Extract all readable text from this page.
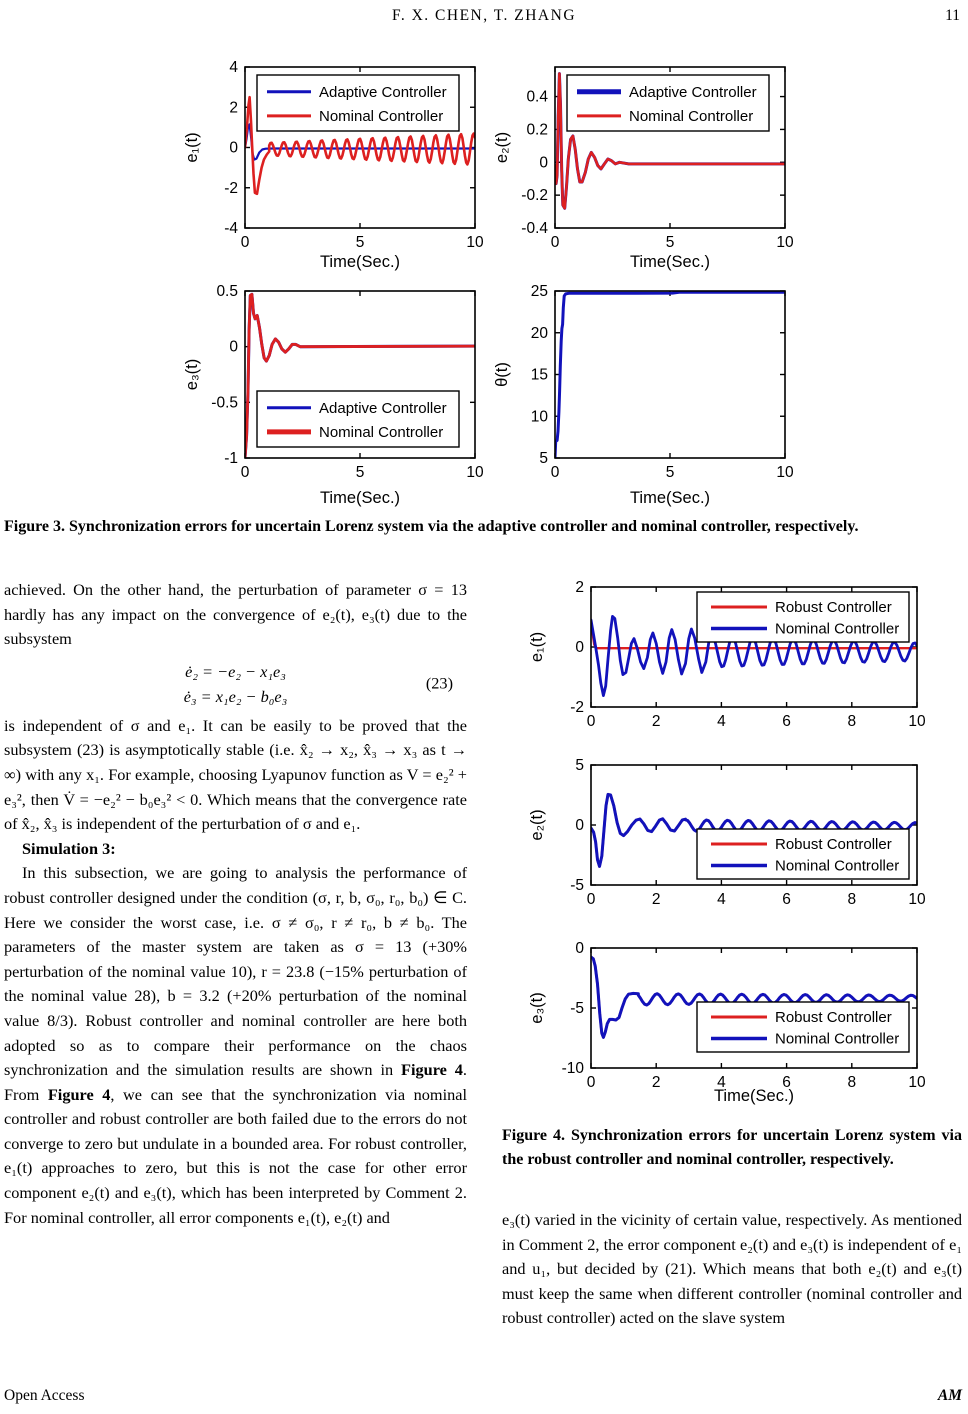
F. X. CHEN, T. ZHANG	11
0	5	10
4
2
0
-2
-4
Time(Sec.)
e₁(t)
Adaptive Controller
Nominal Controller
0	5	10
0.4
0.2
0
-0.2
-0.4
Time(Sec.)
e₂(t)
Adaptive Controller
Nominal Controller
0	5	10
0.5
0
-0.5
-1
Time(Sec.)
e₃(t)
Adaptive Controller
Nominal Controller
0	5	10
25
20
15
10
5
Time(Sec.)
θ(t)
Figure 3. Synchronization errors for uncertain Lorenz system via the adaptive controller and nominal controller, respectively.
achieved. On the other hand, the perturbation of parameter σ = 13 hardly has any impact on the convergence of e₂(t), e₃(t) due to the subsystem
ė₂ = −e₂ − x₁e₃
ė₃ = x₁e₂ − b₀e₃
(23)
is independent of σ and e₁. It can be easily to be proved that the subsystem (23) is asymptotically stable (i.e. x̂₂ → x₂, x̂₃ → x₃ as t → ∞) with any x₁. For example, choosing Lyapunov function as V = e₂² + e₃², then V̇ = −e₂² − b₀e₃² < 0. Which means that the convergence rate of x̂₂, x̂₃ is independent of the perturbation of σ and e₁.
Simulation 3:
In this subsection, we are going to analysis the performance of robust controller designed under the condition (σ, r, b, σ₀, r₀, b₀) ∈ C. Here we consider the worst case, i.e. σ ≠ σ₀, r ≠ r₀, b ≠ b₀. The parameters of the master system are taken as σ = 13 (+30% perturbation of the nominal value 10), r = 23.8 (−15% perturbation of the nominal value 28), b = 3.2 (+20% perturbation of the nominal value 8/3). Robust controller and nominal controller are here both adopted so as to compare their performance on the chaos synchronization and the simulation results are shown in Figure 4. From Figure 4, we can see that the synchronization via nominal controller and robust controller are both failed due to the errors do not converge to zero but undulate in a bounded area. For robust controller, e₁(t) approaches to zero, but this is not the case for other error component e₂(t) and e₃(t), which has been interpreted by Comment 2. For nominal controller, all error components e₁(t), e₂(t) and
0	2	4	6	8	10
2
0
-2
e₁(t)
Robust Controller
Nominal Controller
0	2	4	6	8	10
5
0
-5
e₂(t)
Robust Controller
Nominal Controller
0	2	4	6	8	10
0
-5
-10
Time(Sec.)
e₃(t)	Robust Controller
Nominal Controller
Figure 4. Synchronization errors for uncertain Lorenz system via the robust controller and nominal controller, respectively.
e₃(t) varied in the vicinity of certain value, respectively. As mentioned in Comment 2, the error component e₂(t) and e₃(t) is independent of e₁ and u₁, but decided by (21). Which means that both e₂(t) and e₃(t) must keep the same when different controller (nominal controller and robust controller) acted on the slave system
Open Access	AM
